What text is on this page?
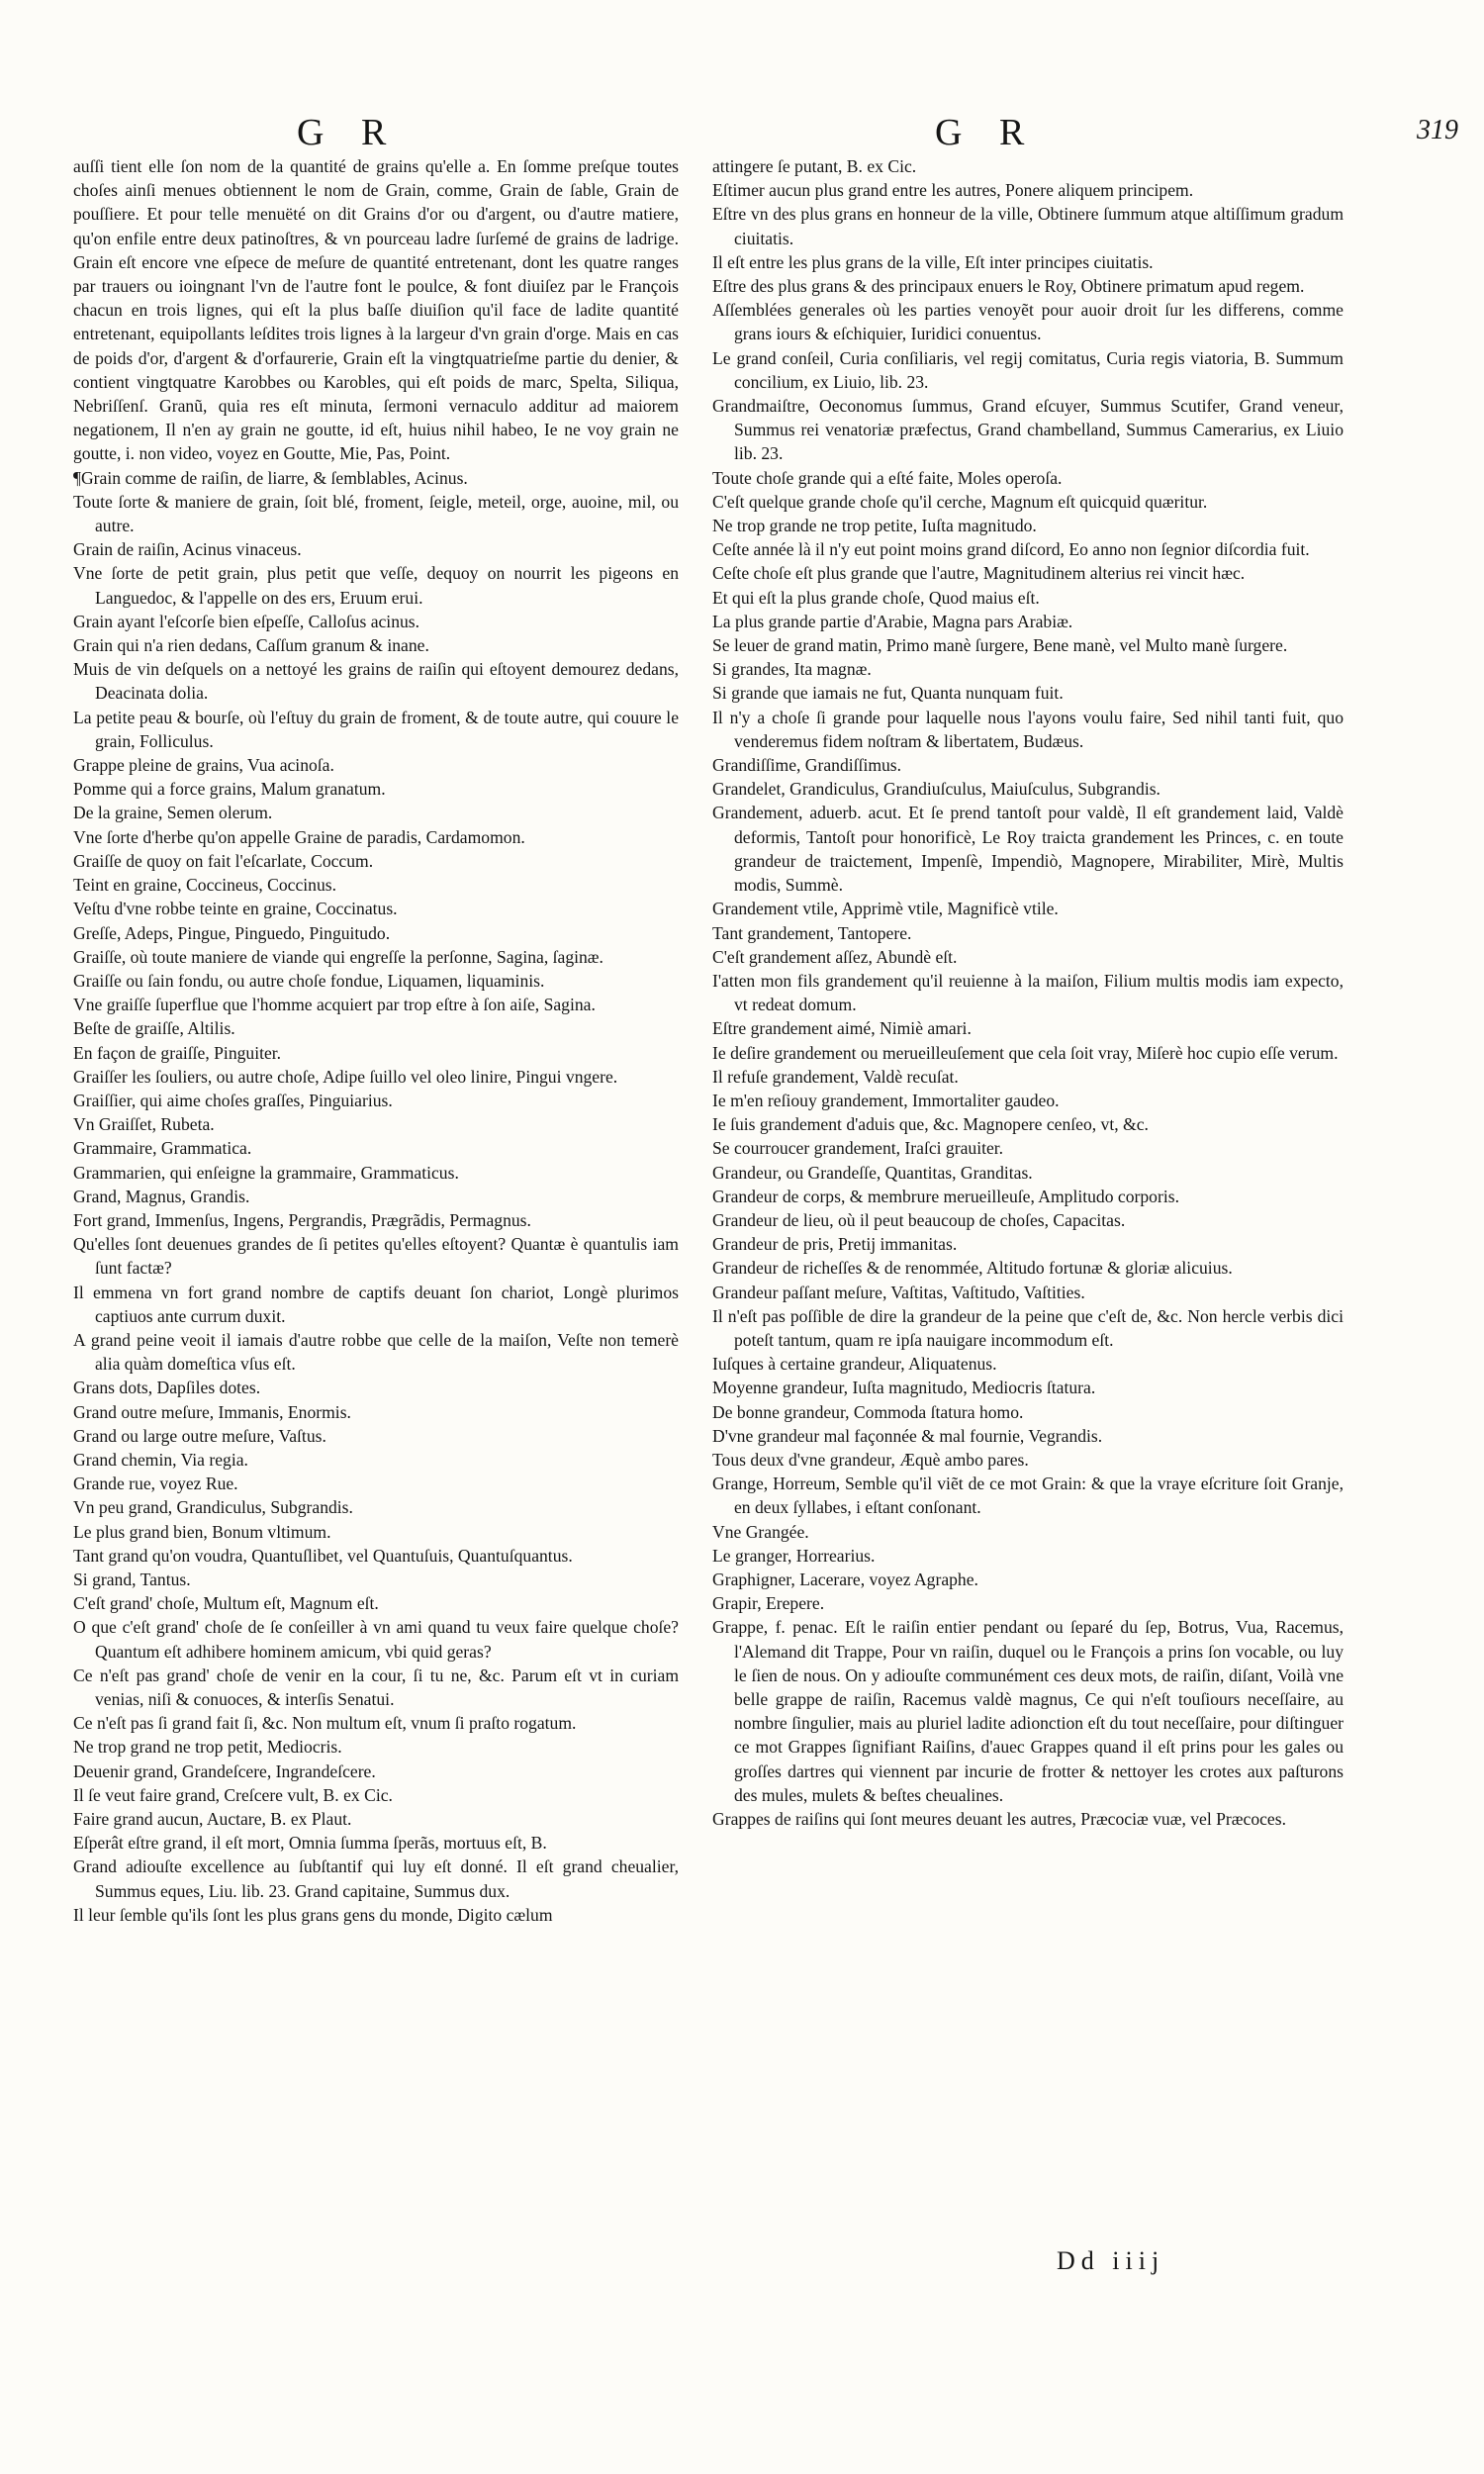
G R	G R	319

auſſi tient elle ſon nom de la quantité de grains qu'elle a. En ſomme preſque toutes choſes ainſi menues obtiennent le nom de Grain, comme, Grain de ſable, Grain de pouſſiere. Et pour telle menuëté on dit Grains d'or ou d'argent, ou d'autre matiere, qu'on enfile entre deux patinoſtres, & vn pourceau ladre ſurſemé de grains de ladrige. Grain eſt encore vne eſpece de meſure de quantité entretenant, dont les quatre ranges par trauers ou ioingnant l'vn de l'autre font le poulce, & font diuiſez par le François chacun en trois lignes, qui eſt la plus baſſe diuiſion qu'il face de ladite quantité entretenant, equipollants leſdites trois lignes à la largeur d'vn grain d'orge. Mais en cas de poids d'or, d'argent & d'orfaurerie, Grain eſt la vingtquatrieſme partie du denier, & contient vingtquatre Karobbes ou Karobles, qui eſt poids de marc, Spelta, Siliqua, Nebriſſenſ. Granũ, quia res eſt minuta, ſermoni vernaculo additur ad maiorem negationem, Il n'en ay grain ne goutte, id eſt, huius nihil habeo, Ie ne voy grain ne goutte, i. non video, voyez en Goutte, Mie, Pas, Point.

¶Grain comme de raiſin, de liarre, & ſemblables, Acinus.

Toute ſorte & maniere de grain, ſoit blé, froment, ſeigle, meteil, orge, auoine, mil, ou autre.

Grain de raiſin, Acinus vinaceus.

Vne ſorte de petit grain, plus petit que veſſe, dequoy on nourrit les pigeons en Languedoc, & l'appelle on des ers, Eruum erui.

Grain ayant l'eſcorſe bien eſpeſſe, Calloſus acinus.

Grain qui n'a rien dedans, Caſſum granum & inane.

Muis de vin deſquels on a nettoyé les grains de raiſin qui eſtoyent demourez dedans, Deacinata dolia.

La petite peau & bourſe, où l'eſtuy du grain de froment, & de toute autre, qui couure le grain, Folliculus.

Grappe pleine de grains, Vua acinoſa.

Pomme qui a force grains, Malum granatum.

De la graine, Semen olerum.

Vne ſorte d'herbe qu'on appelle Graine de paradis, Cardamomon.

Graiſſe de quoy on fait l'eſcarlate, Coccum.

Teint en graine, Coccineus, Coccinus.

Veſtu d'vne robbe teinte en graine, Coccinatus.

Greſſe, Adeps, Pingue, Pinguedo, Pinguitudo.

Graiſſe, où toute maniere de viande qui engreſſe la perſonne, Sagina, ſaginæ.

Graiſſe ou ſain fondu, ou autre choſe fondue, Liquamen, liquaminis.

Vne graiſſe ſuperflue que l'homme acquiert par trop eſtre à ſon aiſe, Sagina.

Beſte de graiſſe, Altilis.

En façon de graiſſe, Pinguiter.

Graiſſer les ſouliers, ou autre choſe, Adipe ſuillo vel oleo linire, Pingui vngere.

Graiſſier, qui aime choſes graſſes, Pinguiarius.

Vn Graiſſet, Rubeta.

Grammaire, Grammatica.

Grammarien, qui enſeigne la grammaire, Grammaticus.

Grand, Magnus, Grandis.

Fort grand, Immenſus, Ingens, Pergrandis, Prægrãdis, Permagnus.

Qu'elles ſont deuenues grandes de ſi petites qu'elles eſtoyent? Quantæ è quantulis iam ſunt factæ?

Il emmena vn fort grand nombre de captifs deuant ſon chariot, Longè plurimos captiuos ante currum duxit.

A grand peine veoit il iamais d'autre robbe que celle de la maiſon, Veſte non temerè alia quàm domeſtica vſus eſt.

Grans dots, Dapſiles dotes.

Grand outre meſure, Immanis, Enormis.

Grand ou large outre meſure, Vaſtus.

Grand chemin, Via regia.

Grande rue, voyez Rue.

Vn peu grand, Grandiculus, Subgrandis.

Le plus grand bien, Bonum vltimum.

Tant grand qu'on voudra, Quantuſlibet, vel Quantuſuis, Quantuſquantus.

Si grand, Tantus.

C'eſt grand' choſe, Multum eſt, Magnum eſt.

O que c'eſt grand' choſe de ſe conſeiller à vn ami quand tu veux faire quelque choſe? Quantum eſt adhibere hominem amicum, vbi quid geras?

Ce n'eſt pas grand' choſe de venir en la cour, ſi tu ne, &c. Parum eſt vt in curiam venias, niſi & conuoces, & interſis Senatui.

Ce n'eſt pas ſi grand fait ſi, &c. Non multum eſt, vnum ſi praſto rogatum.

Ne trop grand ne trop petit, Mediocris.

Deuenir grand, Grandeſcere, Ingrandeſcere.

Il ſe veut faire grand, Creſcere vult, B. ex Cic.

Faire grand aucun, Auctare, B. ex Plaut.

Eſperât eſtre grand, il eſt mort, Omnia ſumma ſperãs, mortuus eſt, B.

Grand adiouſte excellence au ſubſtantif qui luy eſt donné. Il eſt grand cheualier, Summus eques, Liu. lib. 23. Grand capitaine, Summus dux.

Il leur ſemble qu'ils ſont les plus grans gens du monde, Digito cælum

attingere ſe putant, B. ex Cic.

Eſtimer aucun plus grand entre les autres, Ponere aliquem principem.

Eſtre vn des plus grans en honneur de la ville, Obtinere ſummum atque altiſſimum gradum ciuitatis.

Il eſt entre les plus grans de la ville, Eſt inter principes ciuitatis.

Eſtre des plus grans & des principaux enuers le Roy, Obtinere primatum apud regem.

Aſſemblées generales où les parties venoyẽt pour auoir droit ſur les differens, comme grans iours & eſchiquier, Iuridici conuentus.

Le grand conſeil, Curia conſiliaris, vel regij comitatus, Curia regis viatoria, B. Summum concilium, ex Liuio, lib. 23.

Grandmaiſtre, Oeconomus ſummus, Grand eſcuyer, Summus Scutifer, Grand veneur, Summus rei venatoriæ præfectus, Grand chambelland, Summus Camerarius, ex Liuio lib. 23.

Toute choſe grande qui a eſté faite, Moles operoſa.

C'eſt quelque grande choſe qu'il cerche, Magnum eſt quicquid quæritur.

Ne trop grande ne trop petite, Iuſta magnitudo.

Ceſte année là il n'y eut point moins grand diſcord, Eo anno non ſegnior diſcordia fuit.

Ceſte choſe eſt plus grande que l'autre, Magnitudinem alterius rei vincit hæc.

Et qui eſt la plus grande choſe, Quod maius eſt.

La plus grande partie d'Arabie, Magna pars Arabiæ.

Se leuer de grand matin, Primo manè ſurgere, Bene manè, vel Multo manè ſurgere.

Si grandes, Ita magnæ.

Si grande que iamais ne fut, Quanta nunquam fuit.

Il n'y a choſe ſi grande pour laquelle nous l'ayons voulu faire, Sed nihil tanti fuit, quo venderemus fidem noſtram & libertatem, Budæus.

Grandiſſime, Grandiſſimus.

Grandelet, Grandiculus, Grandiuſculus, Maiuſculus, Subgrandis.

Grandement, aduerb. acut. Et ſe prend tantoſt pour valdè, Il eſt grandement laid, Valdè deformis, Tantoſt pour honorificè, Le Roy traicta grandement les Princes, c. en toute grandeur de traictement, Impenſè, Impendiò, Magnopere, Mirabiliter, Mirè, Multis modis, Summè.

Grandement vtile, Apprimè vtile, Magnificè vtile.

Tant grandement, Tantopere.

C'eſt grandement aſſez, Abundè eſt.

I'atten mon fils grandement qu'il reuienne à la maiſon, Filium multis modis iam expecto, vt redeat domum.

Eſtre grandement aimé, Nimiè amari.

Ie deſire grandement ou merueilleuſement que cela ſoit vray, Miſerè hoc cupio eſſe verum.

Il refuſe grandement, Valdè recuſat.

Ie m'en reſiouy grandement, Immortaliter gaudeo.

Ie ſuis grandement d'aduis que, &c. Magnopere cenſeo, vt, &c.

Se courroucer grandement, Iraſci grauiter.

Grandeur, ou Grandeſſe, Quantitas, Granditas.

Grandeur de corps, & membrure merueilleuſe, Amplitudo corporis.

Grandeur de lieu, où il peut beaucoup de choſes, Capacitas.

Grandeur de pris, Pretij immanitas.

Grandeur de richeſſes & de renommée, Altitudo fortunæ & gloriæ alicuius.

Grandeur paſſant meſure, Vaſtitas, Vaſtitudo, Vaſtities.

Il n'eſt pas poſſible de dire la grandeur de la peine que c'eſt de, &c. Non hercle verbis dici poteſt tantum, quam re ipſa nauigare incommodum eſt.

Iuſques à certaine grandeur, Aliquatenus.

Moyenne grandeur, Iuſta magnitudo, Mediocris ſtatura.

De bonne grandeur, Commoda ſtatura homo.

D'vne grandeur mal façonnée & mal fournie, Vegrandis.

Tous deux d'vne grandeur, Æquè ambo pares.

Grange, Horreum, Semble qu'il viẽt de ce mot Grain: & que la vraye eſcriture ſoit Granje, en deux ſyllabes, i eſtant conſonant.

Vne Grangée.

Le granger, Horrearius.

Graphigner, Lacerare, voyez Agraphe.

Grapir, Erepere.

Grappe, f. penac. Eſt le raiſin entier pendant ou ſeparé du ſep, Botrus, Vua, Racemus, l'Alemand dit Trappe, Pour vn raiſin, duquel ou le François a prins ſon vocable, ou luy le ſien de nous. On y adiouſte communément ces deux mots, de raiſin, diſant, Voilà vne belle grappe de raiſin, Racemus valdè magnus, Ce qui n'eſt touſiours neceſſaire, au nombre ſingulier, mais au pluriel ladite adionction eſt du tout neceſſaire, pour diſtinguer ce mot Grappes ſignifiant Raiſins, d'auec Grappes quand il eſt prins pour les gales ou groſſes dartres qui viennent par incurie de frotter & nettoyer les crotes aux paſturons des mules, mulets & beſtes cheualines.

Grappes de raiſins qui ſont meures deuant les autres, Præcociæ vuæ, vel Præcoces.

Dd iiij
